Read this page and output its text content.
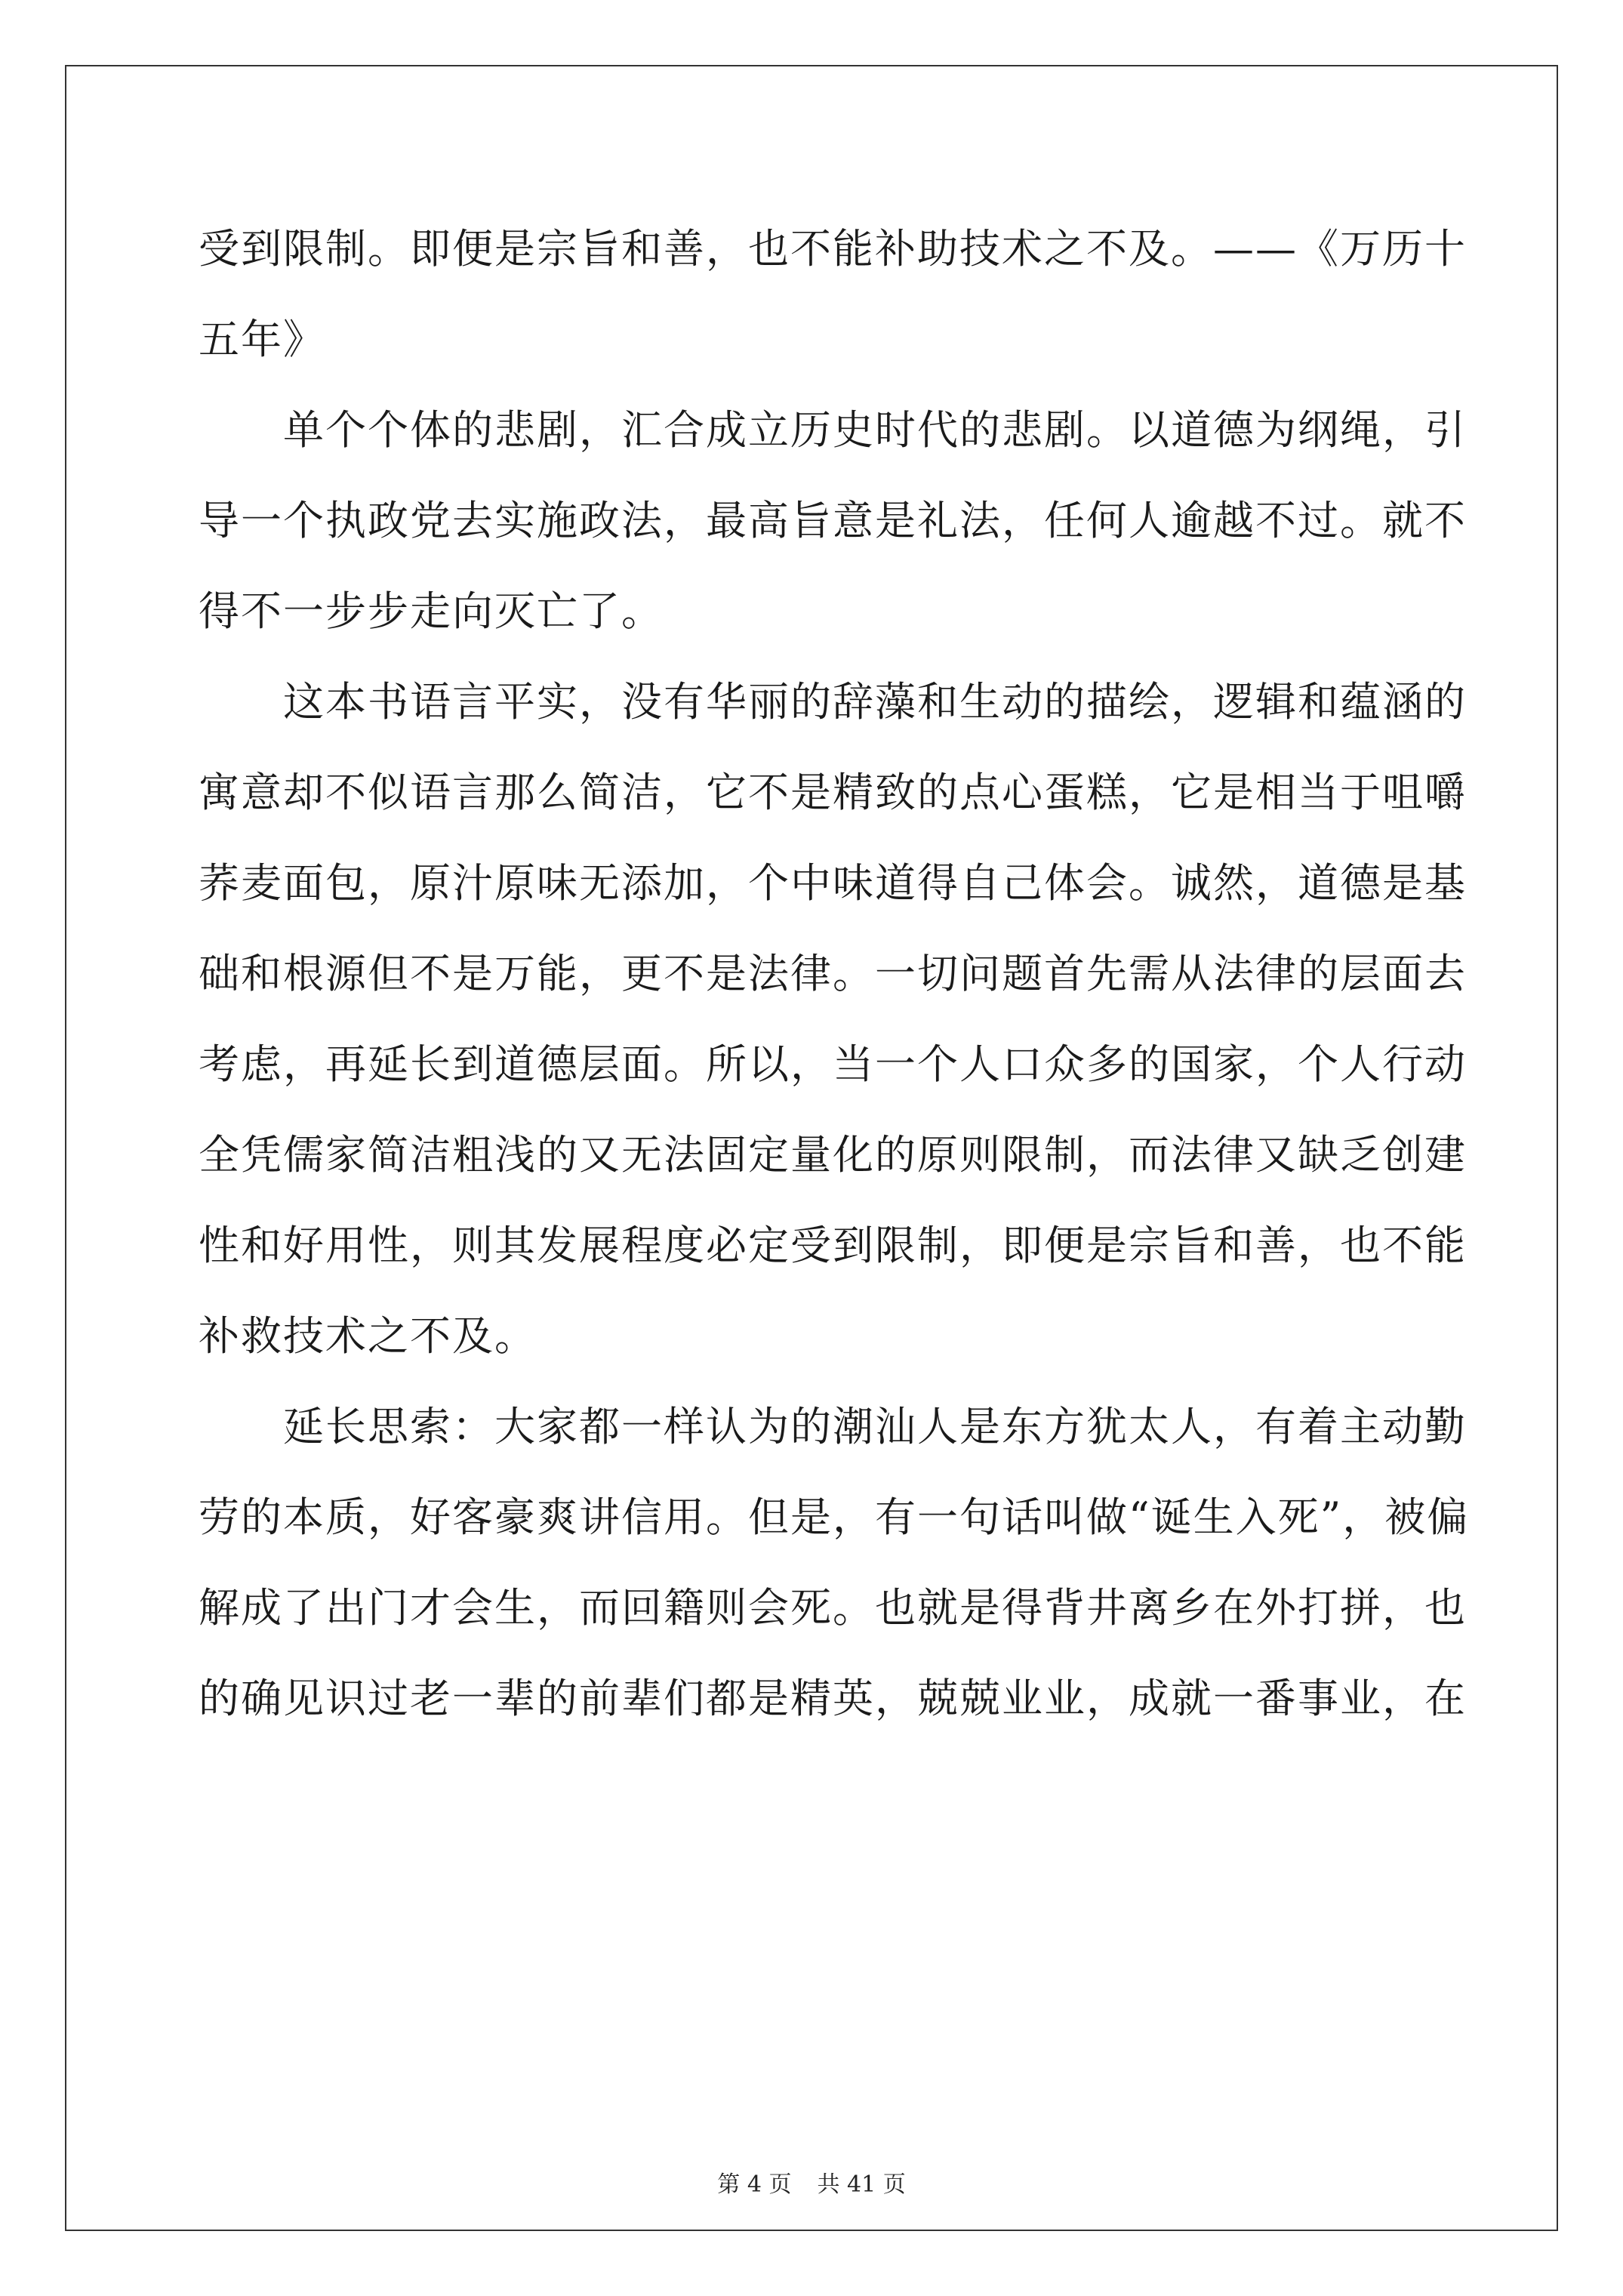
受到限制。即便是宗旨和善，也不能补助技术之不及。——《万历十
五年》
单个个体的悲剧，汇合成立历史时代的悲剧。以道德为纲绳，引
导一个执政党去实施政法，最高旨意是礼法，任何人逾越不过。就不
得不一步步走向灭亡了。
这本书语言平实，没有华丽的辞藻和生动的描绘，逻辑和蕴涵的
寓意却不似语言那么简洁，它不是精致的点心蛋糕，它是相当于咀嚼
荞麦面包，原汁原味无添加，个中味道得自己体会。诚然，道德是基
础和根源但不是万能，更不是法律。一切问题首先需从法律的层面去
考虑，再延长到道德层面。所以，当一个人口众多的国家，个人行动
全凭儒家简洁粗浅的又无法固定量化的原则限制，而法律又缺乏创建
性和好用性，则其发展程度必定受到限制，即便是宗旨和善，也不能
补救技术之不及。
延长思索：大家都一样认为的潮汕人是东方犹太人，有着主动勤
劳的本质，好客豪爽讲信用。但是，有一句话叫做“诞生入死”，被偏
解成了出门才会生，而回籍则会死。也就是得背井离乡在外打拼，也
的确见识过老一辈的前辈们都是精英，兢兢业业，成就一番事业，在
第 4 页 共 41 页
